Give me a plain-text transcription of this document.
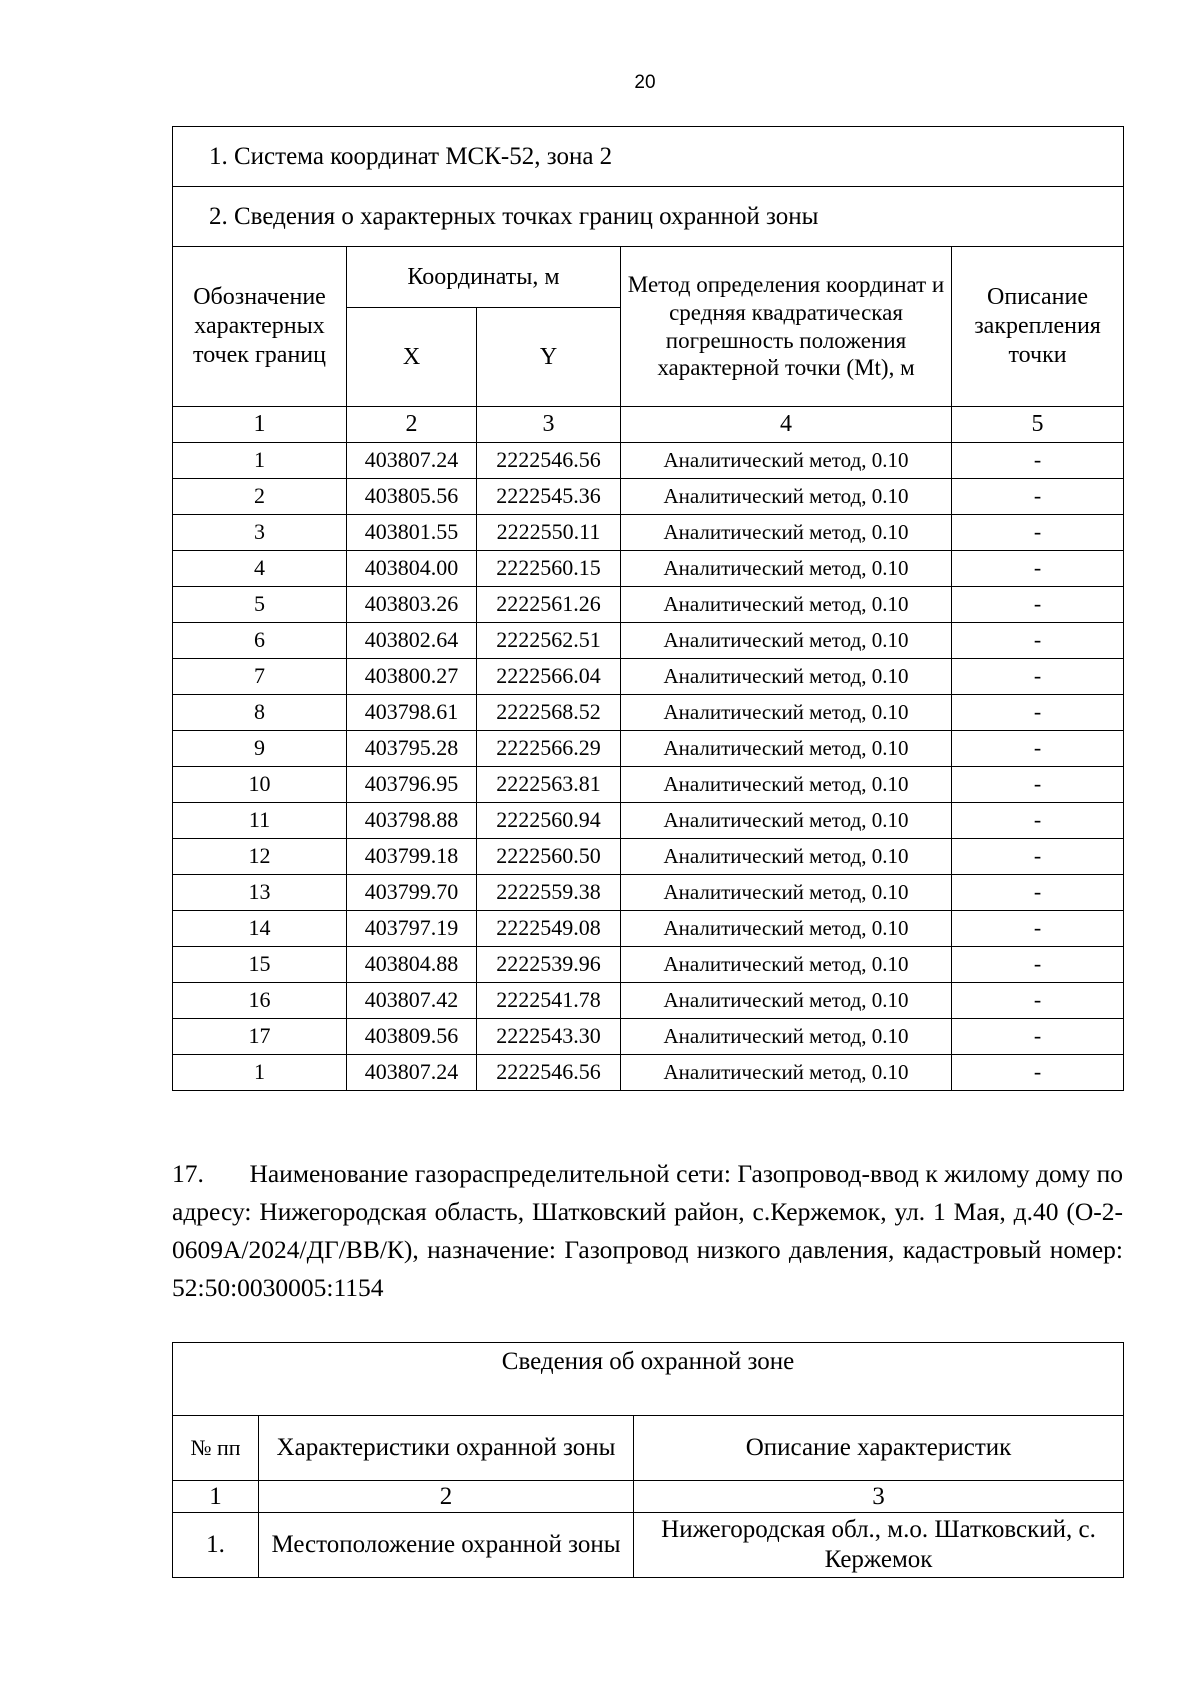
20
1. Система координат МСК-52, зона 2				
2. Сведения о характерных точках границ охранной зоны				
Обозначение характерных точек границ	Координаты, м		Метод определения координат и средняя квадратическая погрешность положения характерной точки (Mt), м	Описание закрепления точки
	X	Y		
1	2	3	4	5
1	403807.24	2222546.56	Аналитический метод, 0.10	-
2	403805.56	2222545.36	Аналитический метод, 0.10	-
3	403801.55	2222550.11	Аналитический метод, 0.10	-
4	403804.00	2222560.15	Аналитический метод, 0.10	-
5	403803.26	2222561.26	Аналитический метод, 0.10	-
6	403802.64	2222562.51	Аналитический метод, 0.10	-
7	403800.27	2222566.04	Аналитический метод, 0.10	-
8	403798.61	2222568.52	Аналитический метод, 0.10	-
9	403795.28	2222566.29	Аналитический метод, 0.10	-
10	403796.95	2222563.81	Аналитический метод, 0.10	-
11	403798.88	2222560.94	Аналитический метод, 0.10	-
12	403799.18	2222560.50	Аналитический метод, 0.10	-
13	403799.70	2222559.38	Аналитический метод, 0.10	-
14	403797.19	2222549.08	Аналитический метод, 0.10	-
15	403804.88	2222539.96	Аналитический метод, 0.10	-
16	403807.42	2222541.78	Аналитический метод, 0.10	-
17	403809.56	2222543.30	Аналитический метод, 0.10	-
1	403807.24	2222546.56	Аналитический метод, 0.10	-

17.       Наименование газораспределительной сети: Газопровод-ввод к жилому дому по адресу: Нижегородская область, Шатковский район, с.Кержемок, ул. 1 Мая, д.40 (О-2-0609А/2024/ДГ/ВВ/К), назначение: Газопровод низкого давления, кадастровый номер: 52:50:0030005:1154

Сведения об охранной зоне		
№ пп	Характеристики охранной зоны	Описание характеристик
1	2	3
1.	Местоположение охранной зоны	Нижегородская обл., м.о. Шатковский, с. Кержемок
